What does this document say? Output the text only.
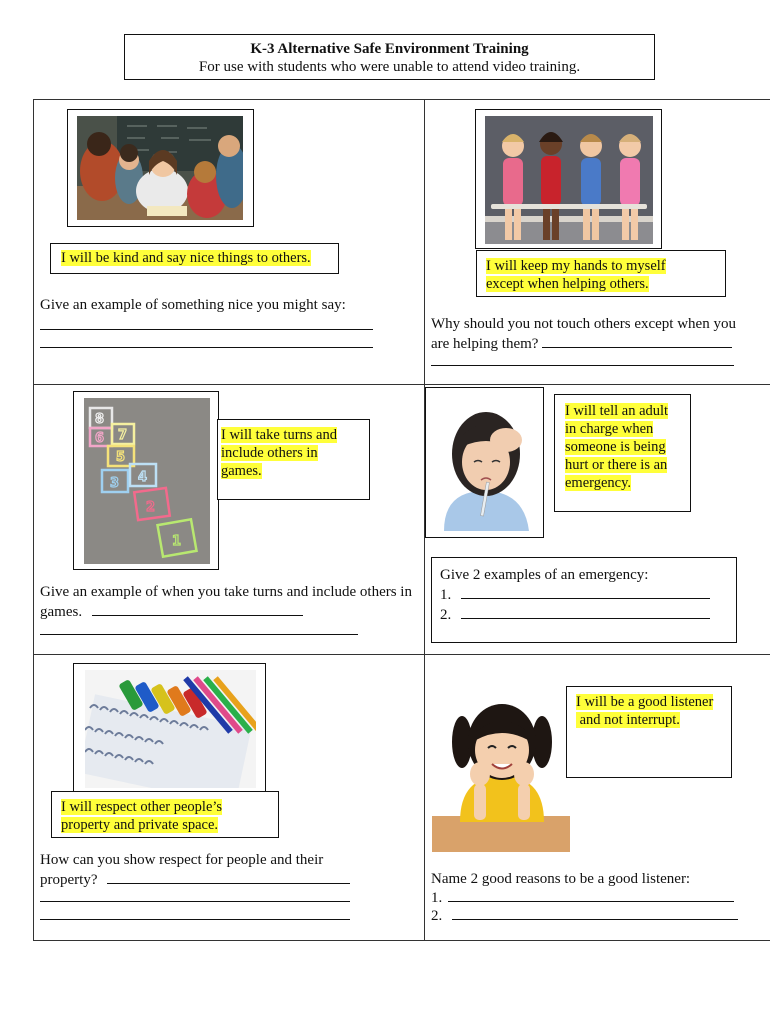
K-3 Alternative Safe Environment Training
For use with students who were unable to attend video training.
I will be kind and say nice things to others.
Give an example of something nice you might say:
I will keep my hands to myself
except when helping others.
Why should you not touch others except when you
are helping them?
8
6 7
5
3 4
2
1
I will take turns and
include others in
games.
Give an example of when you take turns and include others in
games.
I will tell an adult
in charge when
someone is being
hurt or there is an
emergency.
Give 2 examples of an emergency:
1.
2.
I will respect other people’s
property and private space.
How can you show respect for people and their
property?
I will be a good listener
and not interrupt.
Name 2 good reasons to be a good listener:
1.
2.
